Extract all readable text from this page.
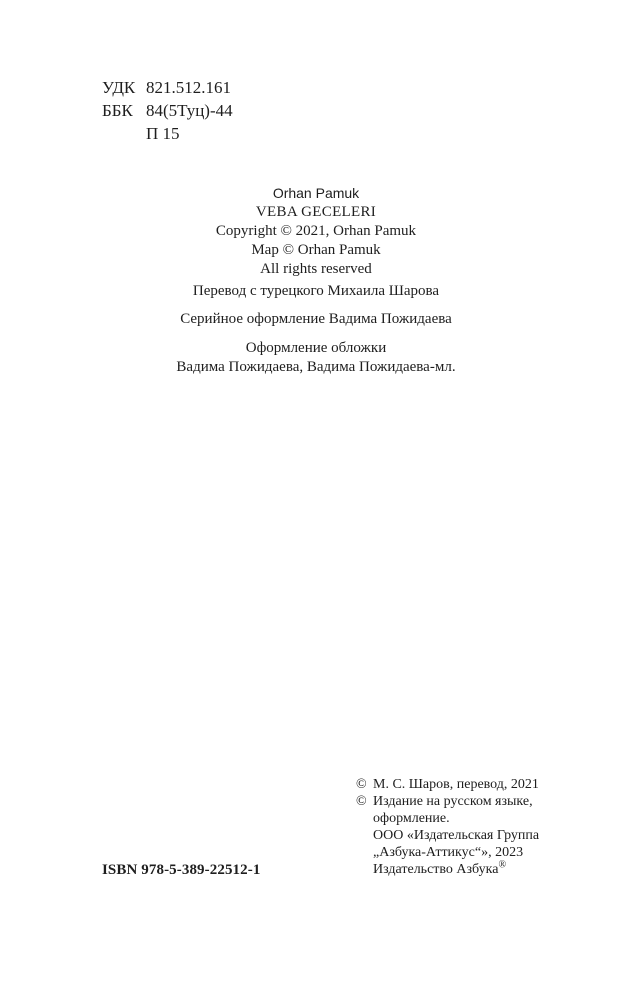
УДК 821.512.161
ББК 84(5Туц)-44
П 15
Orhan Pamuk
VEBA GECELERI
Copyright © 2021, Orhan Pamuk
Map © Orhan Pamuk
All rights reserved
Перевод с турецкого Михаила Шарова
Серийное оформление Вадима Пожидаева
Оформление обложки
Вадима Пожидаева, Вадима Пожидаева-мл.
© М. С. Шаров, перевод, 2021
© Издание на русском языке,
оформление.
ООО «Издательская Группа
„Азбука-Аттикус“», 2023
Издательство Азбука®
ISBN 978-5-389-22512-1
